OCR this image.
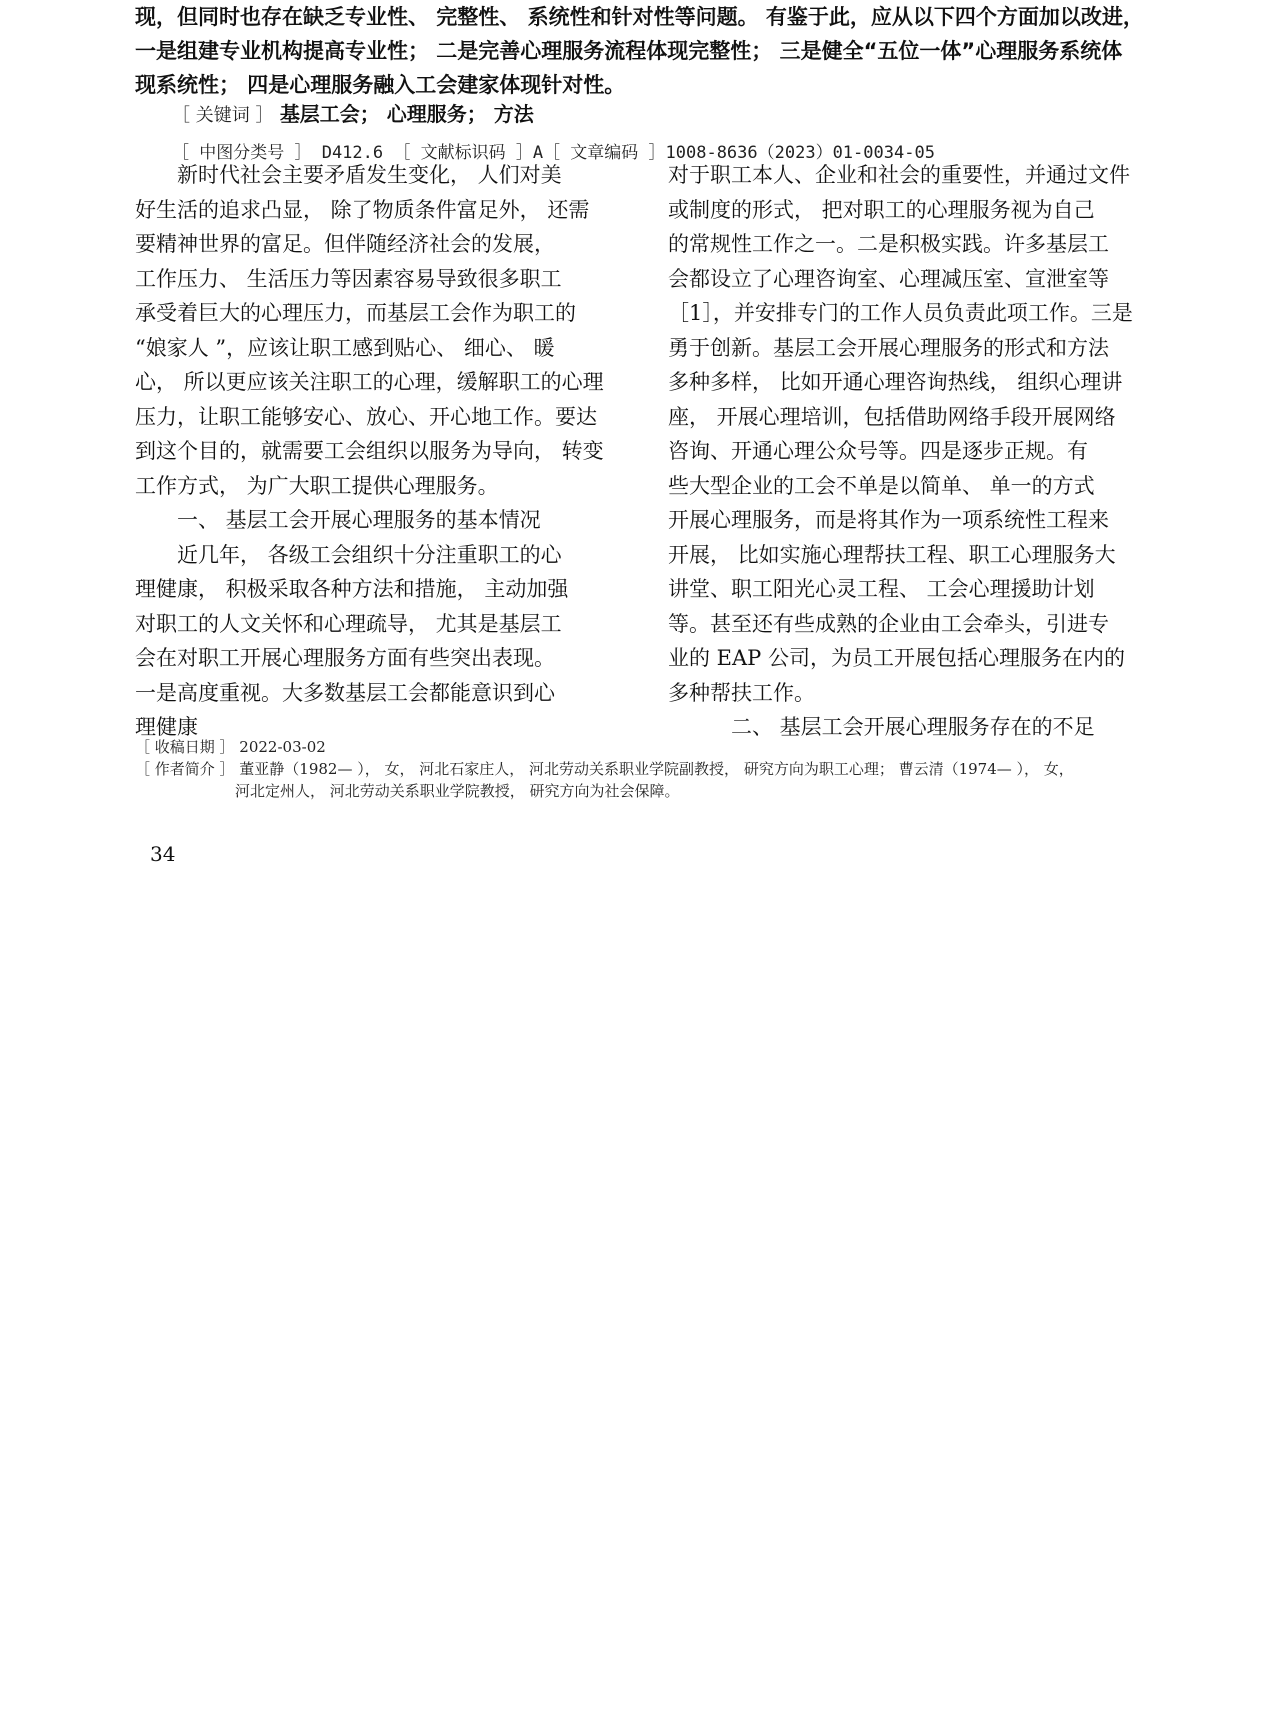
现，但同时也存在缺乏专业性、 完整性、 系统性和针对性等问题。 有鉴于此，应从以下四个方面加以改进，
一是组建专业机构提高专业性； 二是完善心理服务流程体现完整性； 三是健全“五位一体”心理服务系统体
现系统性； 四是心理服务融入工会建家体现针对性。
［ 关键词 ］ 基层工会； 心理服务； 方法
［ 中图分类号 ］ D412.6 ［ 文献标识码 ］A［ 文章编码 ］1008-8636（2023）01-0034-05
　　新时代社会主要矛盾发生变化， 人们对美
好生活的追求凸显， 除了物质条件富足外， 还需
要精神世界的富足。但伴随经济社会的发展，
工作压力、 生活压力等因素容易导致很多职工
承受着巨大的心理压力，而基层工会作为职工的
“娘家人 ”，应该让职工感到贴心、 细心、 暖
心， 所以更应该关注职工的心理，缓解职工的心理
压力，让职工能够安心、放心、开心地工作。要达
到这个目的，就需要工会组织以服务为导向， 转变
工作方式， 为广大职工提供心理服务。
　　一、 基层工会开展心理服务的基本情况
　　近几年， 各级工会组织十分注重职工的心
理健康， 积极采取各种方法和措施， 主动加强
对职工的人文关怀和心理疏导， 尤其是基层工
会在对职工开展心理服务方面有些突出表现。
一是高度重视。大多数基层工会都能意识到心
理健康
对于职工本人、企业和社会的重要性，并通过文件
或制度的形式， 把对职工的心理服务视为自己
的常规性工作之一。二是积极实践。许多基层工
会都设立了心理咨询室、心理减压室、宣泄室等
［1］，并安排专门的工作人员负责此项工作。三是
勇于创新。基层工会开展心理服务的形式和方法
多种多样， 比如开通心理咨询热线， 组织心理讲
座， 开展心理培训，包括借助网络手段开展网络
咨询、开通心理公众号等。四是逐步正规。有
些大型企业的工会不单是以简单、 单一的方式
开展心理服务，而是将其作为一项系统性工程来
开展， 比如实施心理帮扶工程、职工心理服务大
讲堂、职工阳光心灵工程、 工会心理援助计划
等。甚至还有些成熟的企业由工会牵头，引进专
业的 EAP 公司，为员工开展包括心理服务在内的
多种帮扶工作。
　　　二、 基层工会开展心理服务存在的不足
［ 收稿日期 ］ 2022-03-02
［ 作者简介 ］ 董亚静（1982— ）， 女， 河北石家庄人， 河北劳动关系职业学院副教授， 研究方向为职工心理； 曹云清（1974— ）， 女，
河北定州人， 河北劳动关系职业学院教授， 研究方向为社会保障。
34
